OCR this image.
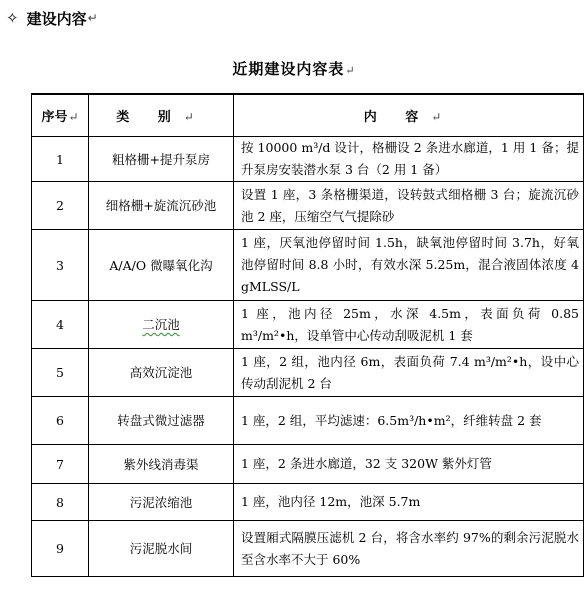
✧ 建设内容 ↵
近期建设内容表↵
序号↵	类 别↵	内 容↵
1	粗格栅+提升泵房	按 10000 m³/d 设计，格栅设 2 条进水廊道，1 用 1 备；提升泵房安装潜水泵 3 台（2 用 1 备）
2	细格栅+旋流沉砂池	设置 1 座，3 条格栅渠道，设转鼓式细格栅 3 台；旋流沉砂池 2 座，压缩空气气提除砂
3	A/A/O 微曝氧化沟	1 座，厌氧池停留时间 1.5h，缺氧池停留时间 3.7h，好氧池停留时间 8.8 小时，有效水深 5.25m，混合液固体浓度 4 gMLSS/L
4	二沉池	1 座，池内径 25m，水深 4.5m，表面负荷 0.85 m³/m²•h，设单管中心传动刮吸泥机 1 套
5	高效沉淀池	1 座，2 组，池内径 6m，表面负荷 7.4 m³/m²•h，设中心传动刮泥机 2 台
6	转盘式微过滤器	1 座，2 组，平均滤速：6.5m³/h•m²，纤维转盘 2 套
7	紫外线消毒渠	1 座，2 条进水廊道，32 支 320W 紫外灯管
8	污泥浓缩池	1 座，池内径 12m，池深 5.7m
9	污泥脱水间	设置厢式隔膜压滤机 2 台，将含水率约 97%的剩余污泥脱水至含水率不大于 60%
